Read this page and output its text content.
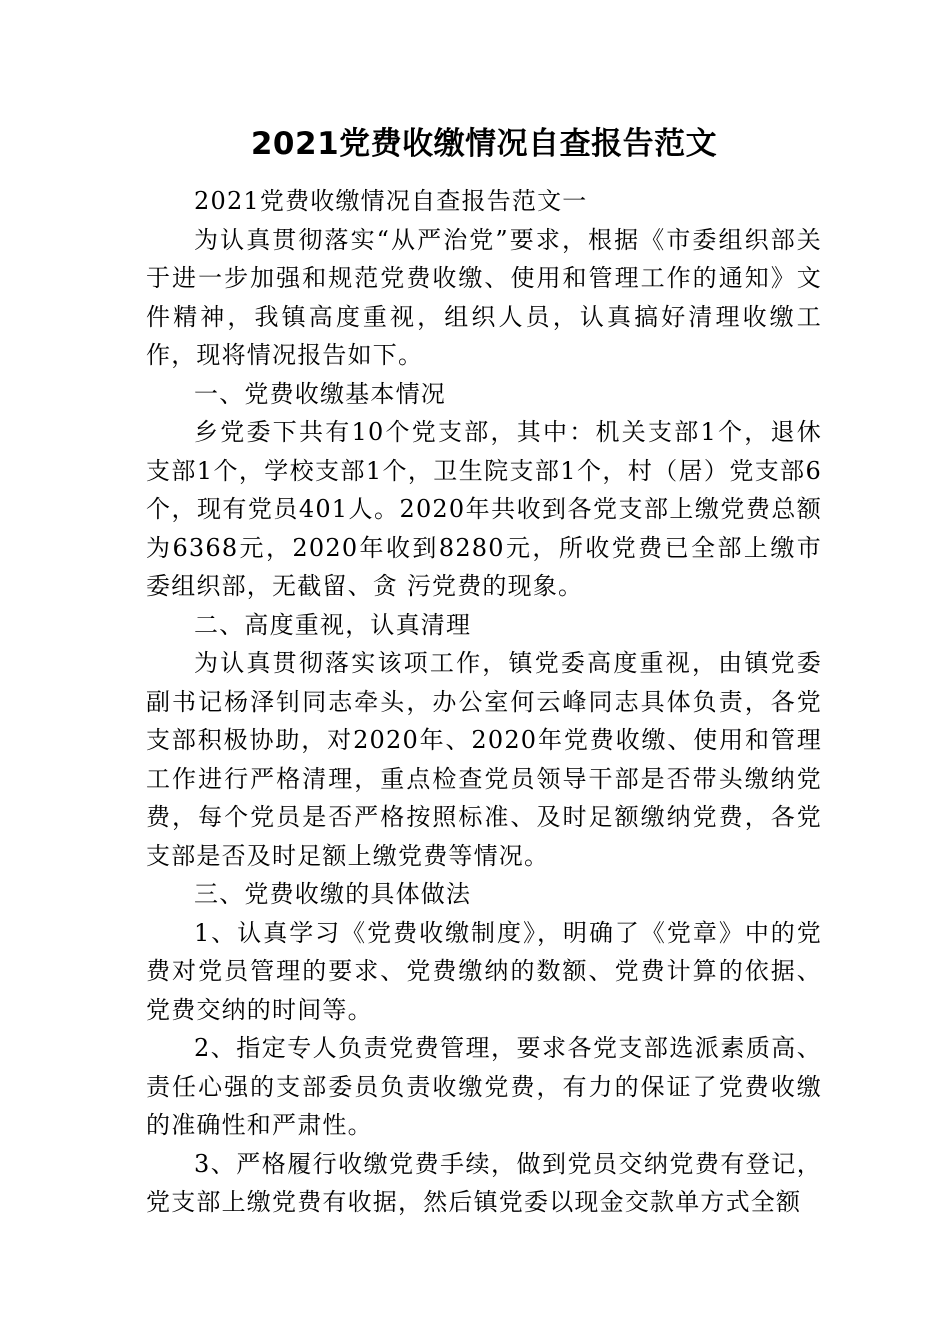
2021党费收缴情况自查报告范文

2021党费收缴情况自查报告范文一

为认真贯彻落实“从严治党”要求，根据《市委组织部关于进一步加强和规范党费收缴、使用和管理工作的通知》文件精神，我镇高度重视，组织人员，认真搞好清理收缴工作，现将情况报告如下。

一、党费收缴基本情况

乡党委下共有10个党支部，其中：机关支部1个，退休支部1个，学校支部1个，卫生院支部1个，村（居）党支部6个，现有党员401人。2020年共收到各党支部上缴党费总额为6368元，2020年收到8280元，所收党费已全部上缴市委组织部，无截留、贪 污党费的现象。

二、高度重视，认真清理

为认真贯彻落实该项工作，镇党委高度重视，由镇党委副书记杨泽钊同志牵头，办公室何云峰同志具体负责，各党支部积极协助，对2020年、2020年党费收缴、使用和管理工作进行严格清理，重点检查党员领导干部是否带头缴纳党费，每个党员是否严格按照标准、及时足额缴纳党费，各党支部是否及时足额上缴党费等情况。

三、党费收缴的具体做法

1、认真学习《党费收缴制度》，明确了《党章》中的党费对党员管理的要求、党费缴纳的数额、党费计算的依据、党费交纳的时间等。

2、指定专人负责党费管理，要求各党支部选派素质高、责任心强的支部委员负责收缴党费，有力的保证了党费收缴的准确性和严肃性。

3、严格履行收缴党费手续，做到党员交纳党费有登记，党支部上缴党费有收据，然后镇党委以现金交款单方式全额
